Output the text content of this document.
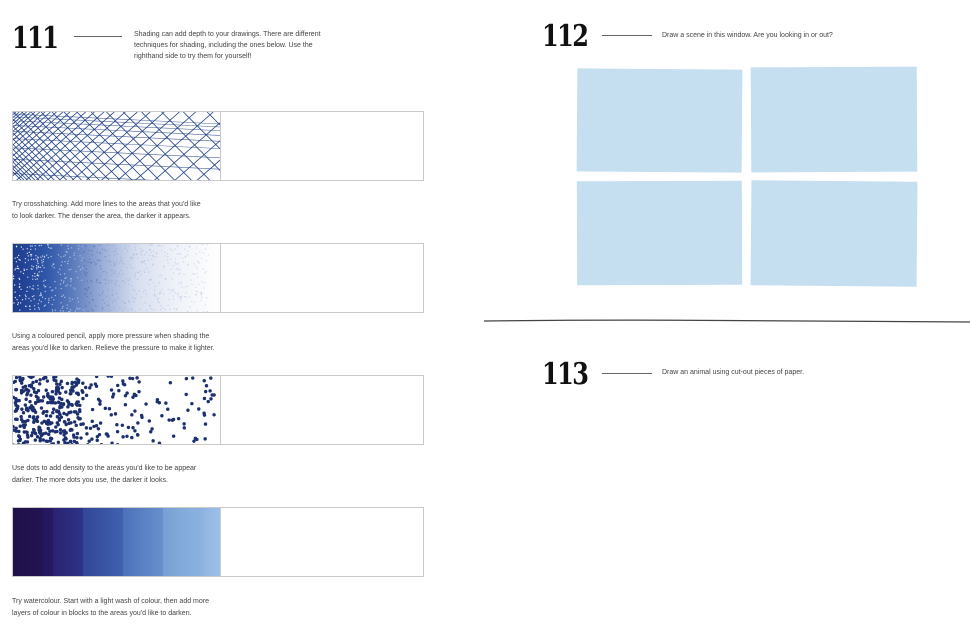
111	Shading can add depth to your drawings. There are different
techniques for shading, including the ones below. Use the
righthand side to try them for yourself!
Try crosshatching. Add more lines to the areas that you'd like
to look darker. The denser the area, the darker it appears.
Using a coloured pencil, apply more pressure when shading the
areas you'd like to darken. Relieve the pressure to make it lighter.
Use dots to add density to the areas you'd like to be appear
darker. The more dots you use, the darker it looks.
Try watercolour. Start with a light wash of colour, then add more
layers of colour in blocks to the areas you'd like to darken.
112	Draw a scene in this window. Are you looking in or out?
113	Draw an animal using cut-out pieces of paper.
